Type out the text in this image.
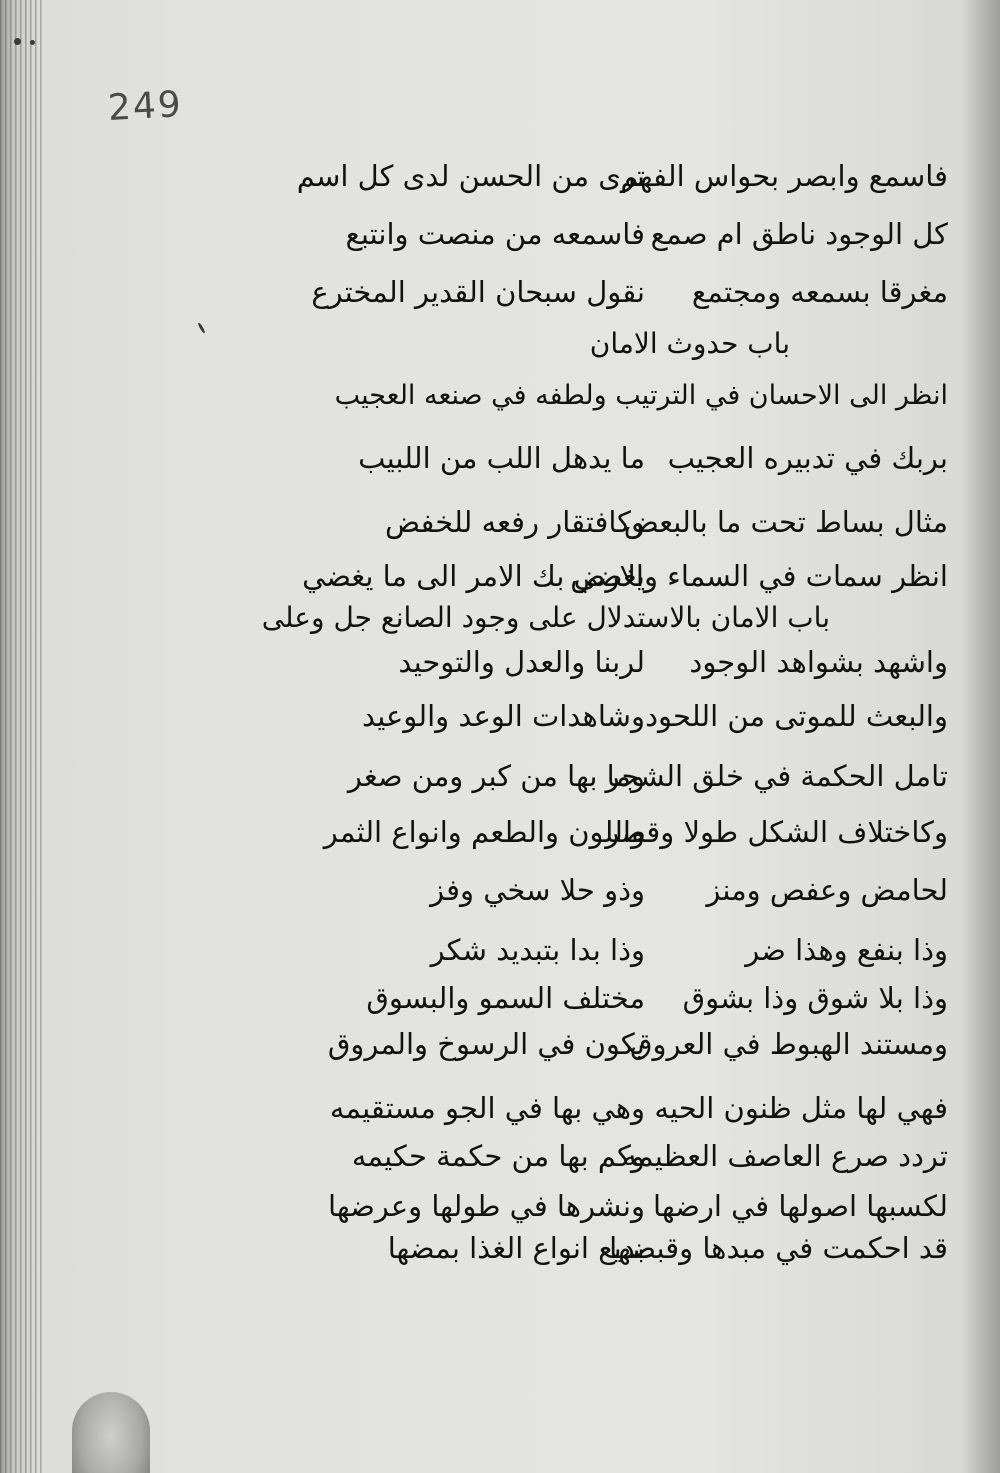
249
فاسمع وابصر بحواس الفهم
ترى من الحسن لدى كل اسم
كل الوجود ناطق ام صمع
فاسمعه من منصت وانتبع
مغرقا بسمعه ومجتمع
نقول سبحان القدير المخترع
باب حدوث الامان
انظر الى الاحسان في الترتيب ولطفه في صنعه العجيب
بربك في تدبيره العجيب
ما يدهل اللب من اللبيب
مثال بساط تحت ما بالبعض
وكافتقار رفعه للخفض
انظر سمات في السماء والارض
يغضي بك الامر الى ما يغضي
باب الامان بالاستدلال على وجود الصانع جل وعلى
واشهد بشواهد الوجود
لربنا والعدل والتوحيد
والبعث للموتى من اللحود
وشاهدات الوعد والوعيد
تامل الحكمة في خلق الشجر
وما بها من كبر ومن صغر
وكاختلاف الشكل طولا وقصر
واللون والطعم وانواع الثمر
لحامض وعفص ومنز
وذو حلا سخي وفز
وذا بنفع وهذا ضر
وذا بدا بتبديد شكر
وذا بلا شوق وذا بشوق
مختلف السمو والبسوق
ومستند الهبوط في العروق
يكون في الرسوخ والمروق
فهي لها مثل ظنون الحيه
وهي بها في الجو مستقيمه
تردد صرع العاصف العظيمه
وكم بها من حكمة حكيمه
لكسبها اصولها في ارضها
ونشرها في طولها وعرضها
قد احكمت في مبدها وقبضها
بديع انواع الغذا بمضها
